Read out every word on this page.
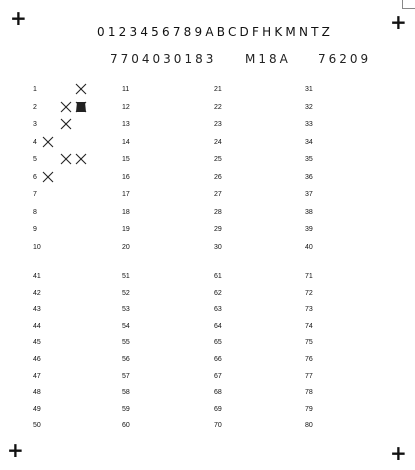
+	+
+	+
0123456789ABCDFHKMNTZ
7704030183 M18A 76209
1
2
3
4
5
6
7
8
9
10
41
42
43
44
45
46
47
48
49
50
11
12
13
14
15
16
17
18
19
20
51
52
53
54
55
56
57
58
59
60
21
22
23
24
25
26
27
28
29
30
61
62
63
64
65
66
67
68
69
70
31
32
33
34
35
36
37
38
39
40
71
72
73
74
75
76
77
78
79
80
